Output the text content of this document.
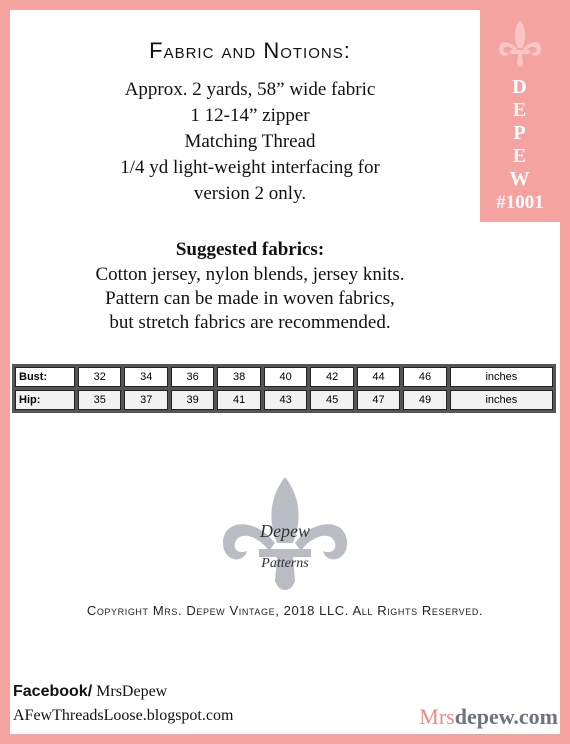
D
E
P
E
W
#1001
Fabric and Notions:
Approx. 2 yards, 58” wide fabric
1 12-14” zipper
Matching Thread
1/4 yd light-weight interfacing for
version 2 only.
Suggested fabrics:
Cotton jersey, nylon blends, jersey knits.
Pattern can be made in woven fabrics,
but stretch fabrics are recommended.
Bust:	32	34	36	38	40	42	44	46	inches
Hip:	35	37	39	41	43	45	47	49	inches
Depew
Patterns
Copyright Mrs. Depew Vintage, 2018 LLC. All Rights Reserved.
Facebook/ MrsDepew
AFewThreadsLoose.blogspot.com	Mrsdepew.com
